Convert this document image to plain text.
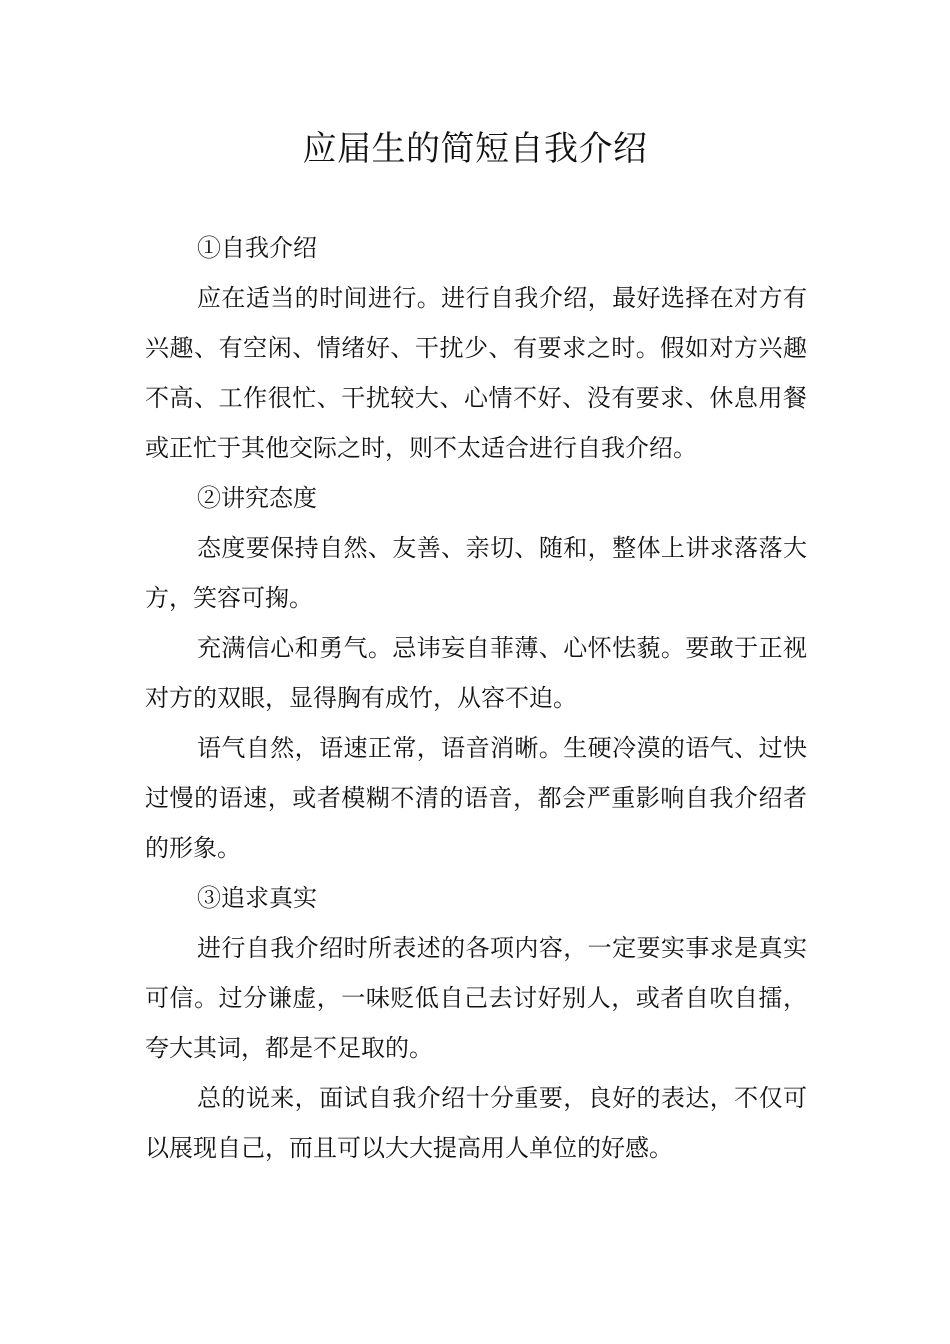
应届生的简短自我介绍

①自我介绍

应在适当的时间进行。进行自我介绍，最好选择在对方有兴趣、有空闲、情绪好、干扰少、有要求之时。假如对方兴趣不高、工作很忙、干扰较大、心情不好、没有要求、休息用餐或正忙于其他交际之时，则不太适合进行自我介绍。

②讲究态度

态度要保持自然、友善、亲切、随和，整体上讲求落落大方，笑容可掬。

充满信心和勇气。忌讳妄自菲薄、心怀怯藐。要敢于正视对方的双眼，显得胸有成竹，从容不迫。

语气自然，语速正常，语音消晰。生硬冷漠的语气、过快过慢的语速，或者模糊不清的语音，都会严重影响自我介绍者的形象。

③追求真实

进行自我介绍时所表述的各项内容，一定要实事求是真实可信。过分谦虚，一味贬低自己去讨好别人，或者自吹自擂，夸大其词，都是不足取的。

总的说来，面试自我介绍十分重要，良好的表达，不仅可以展现自己，而且可以大大提高用人单位的好感。
